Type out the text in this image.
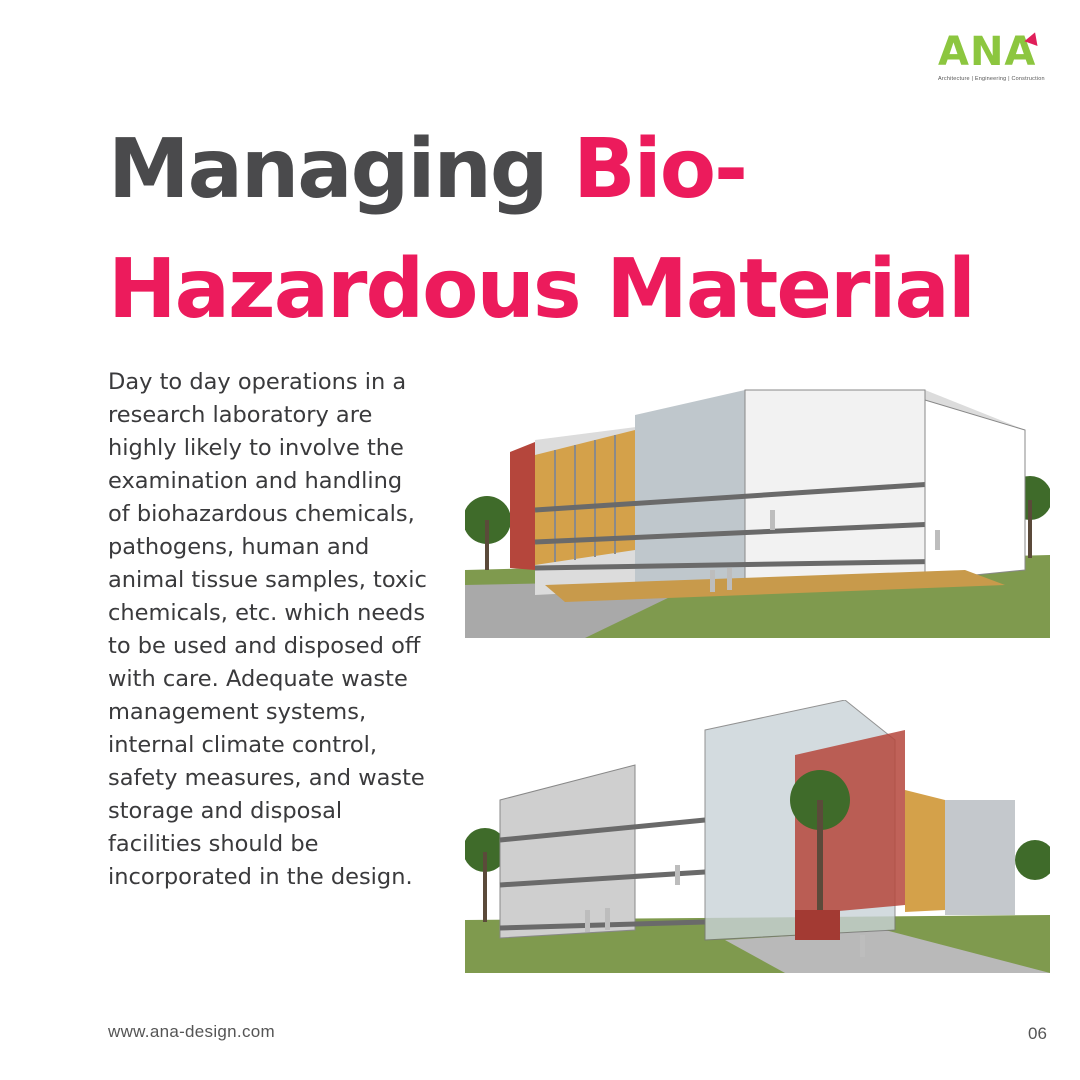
ANA
Architecture | Engineering | Construction
Managing Bio-
Hazardous Material

Day to day operations in a research laboratory are highly likely to involve the examination and handling of biohazardous chemicals, pathogens, human and animal tissue samples, toxic chemicals, etc. which needs to be used and disposed off with care. Adequate waste management systems, internal climate control, safety measures, and waste storage and disposal facilities should be incorporated in the design.

www.ana-design.com	06
